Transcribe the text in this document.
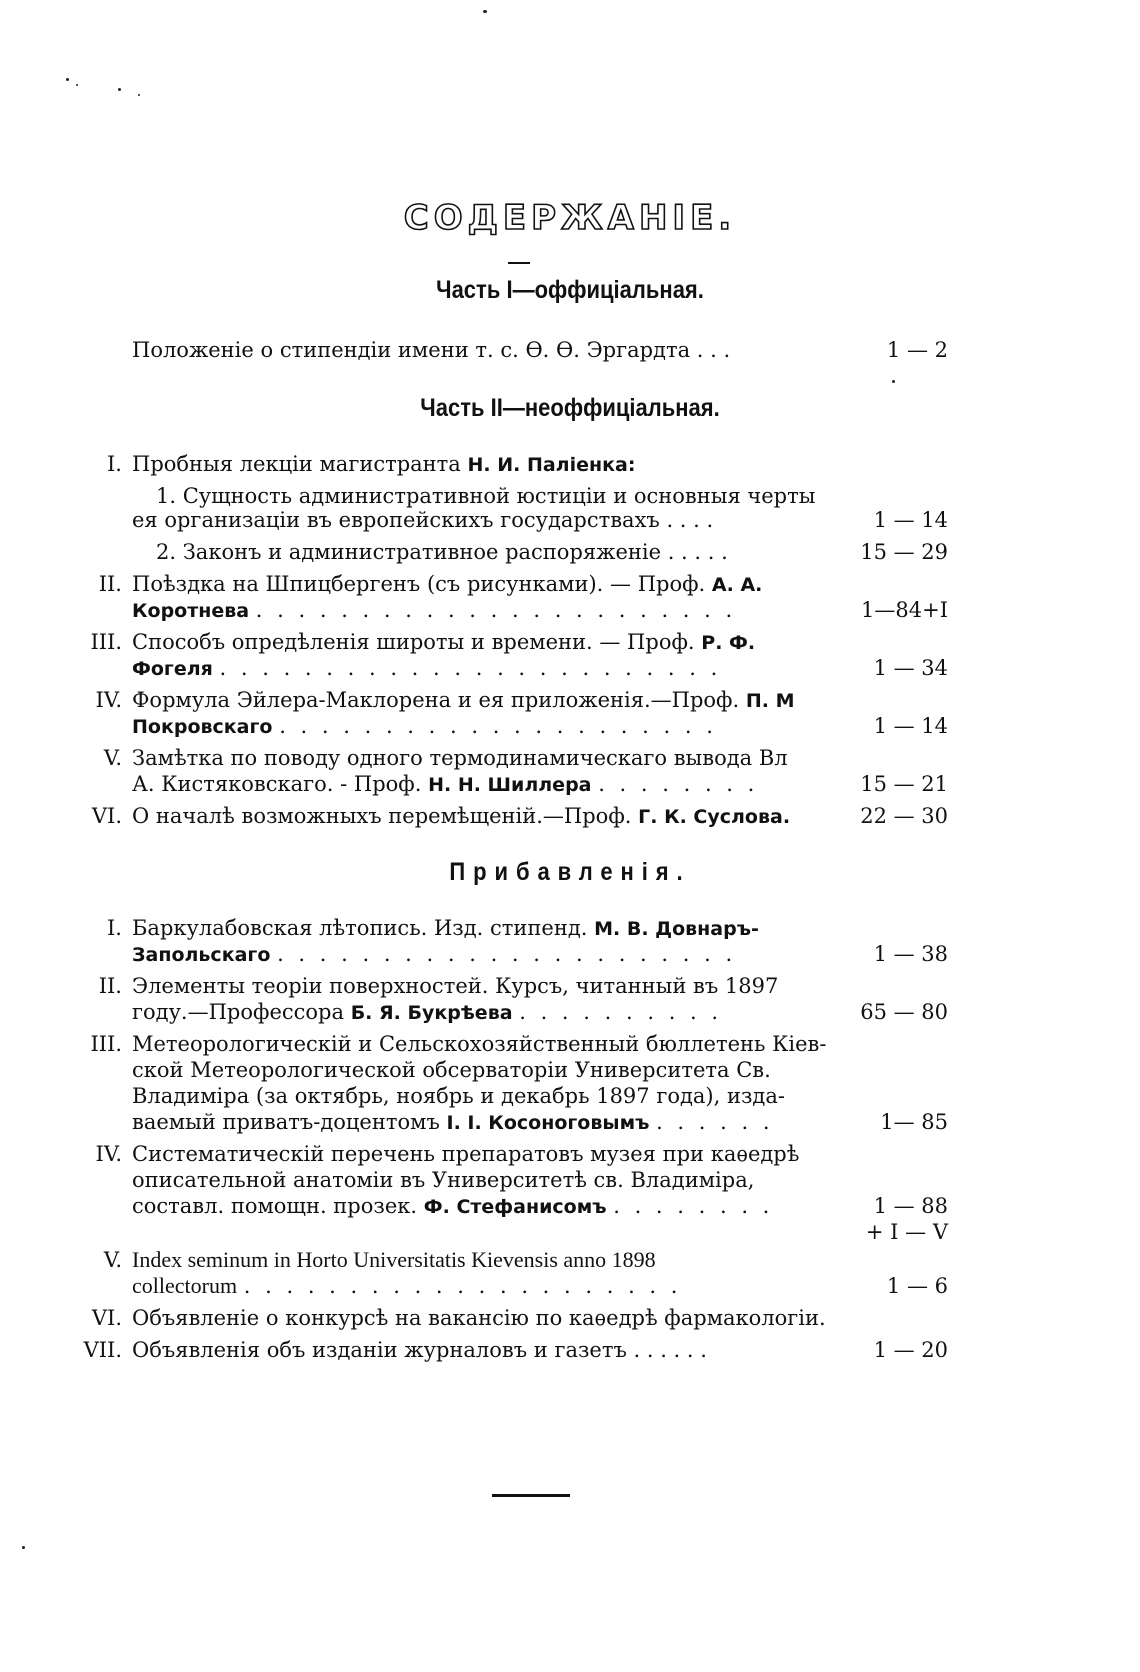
СОДЕРЖАНІЕ.
Часть I—оффиціальная.
Положеніе о стипендіи имени т. с. Ѳ. Ѳ. Эргардта . . .	1 — 2
Часть II—неоффиціальная.
I. Пробныя лекціи магистранта Н. И. Паліенка:
1. Сущность административной юстиціи и основныя черты
ея организаціи въ европейскихъ государствахъ . . . .	1 — 14
2. Законъ и административное распоряженіе . . . . .	15 — 29
II. Поѣздка на Шпицбергенъ (съ рисунками). — Проф. А. А.
Коротнева . . . . . . . . . . . . . . . . . . . . . . .	1—84+I
III. Способъ опредѣленія широты и времени. — Проф. Р. Ф.
Фогеля . . . . . . . . . . . . . . . . . . . . . . . .	1 — 34
IV. Формула Эйлера-Маклорена и ея приложенія.—Проф. П. М
Покровскаго . . . . . . . . . . . . . . . . . . . . .	1 — 14
V. Замѣтка по поводу одного термодинамическаго вывода Вл
А. Кистяковскаго. - Проф. Н. Н. Шиллера . . . . . . . .	15 — 21
VI. О началѣ возможныхъ перемѣщеній.—Проф. Г. К. Суслова.	22 — 30
Прибавленія.
I. Баркулабовская лѣтопись. Изд. стипенд. М. В. Довнаръ-
Запольскаго . . . . . . . . . . . . . . . . . . . . . .	1 — 38
II. Элементы теоріи поверхностей. Курсъ, читанный въ 1897
году.—Профессора Б. Я. Букрѣева . . . . . . . . . .	65 — 80
III. Метеорологическій и Сельскохозяйственный бюллетень Кіев-
ской Метеорологической обсерваторіи Университета Св.
Владиміра (за октябрь, ноябрь и декабрь 1897 года), изда-
ваемый приватъ-доцентомъ І. І. Косоноговымъ . . . . . .	1— 85
IV. Систематическій перечень препаратовъ музея при каѳедрѣ
описательной анатоміи въ Университетѣ св. Владиміра,
составл. помощн. прозек. Ф. Стефанисомъ . . . . . . . .	1 — 88
+ I — V
V. Index seminum in Horto Universitatis Kievensis anno 1898
collectorum . . . . . . . . . . . . . . . . . . . . .	1 — 6
VI. Объявленіе о конкурсѣ на вакансію по каѳедрѣ фармакологіи.
VII. Объявленія объ изданіи журналовъ и газетъ . . . . . .	1 — 20
